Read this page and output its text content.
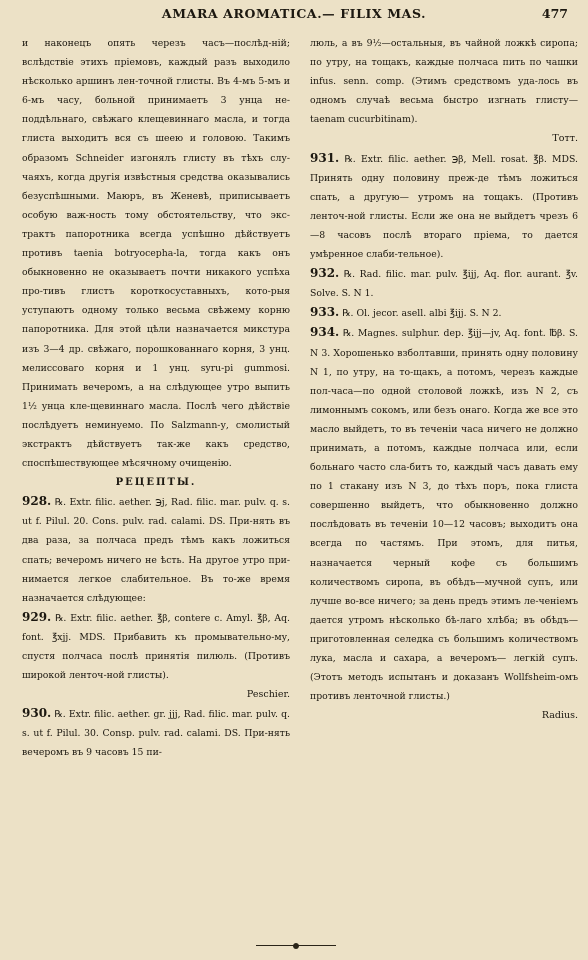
AMARA AROMATICA.— FILIX MAS.	477

и наконецъ опять черезъ часъ—послѣд-нiй; вслѣдствiе этихъ прiемовъ, каждый разъ выходило нѣсколько аршинъ лен-точной глисты. Въ 4-мъ 5-мъ и 6-мъ часу, больной принимаетъ 3 унца не-поддѣльнаго, свѣжаго клещевиннаго масла, и тогда глиста выходитъ вся съ шеею и головою. Такимъ образомъ Schneider изгонялъ глисту въ тѣхъ слу-чаяхъ, когда другiя извѣстныя средства оказывались безуспѣшными. Маюръ, въ Женевѣ, приписываетъ особую важ-ность тому обстоятельству, что экс-трактъ папоротника всегда успѣшно дѣйствуетъ противъ taenia botryocepha-la, тогда какъ онъ обыкновенно не оказываетъ почти никакого успѣха про-тивъ глистъ короткосуставныхъ, кото-рыя уступаютъ одному только весьма свѣжему корню папоротника. Для этой цѣли назначается микстура изъ 3—4 др. свѣжаго, порошкованнаго корня, 3 унц. мелиссоваго корня и 1 унц. syru-pi gummosi. Принимать вечеромъ, а на слѣдующее утро выпить 1½ унца кле-щевиннаго масла. Послѣ чего дѣйствiе послѣдуетъ неминуемо. По Salzmann-у, смолистый экстрактъ дѣйствуетъ так-же какъ средство, споспѣшествующее мѣсячному очищенiю.

РЕЦЕПТЫ.

928. ℞. Extr. filic. aether. ℈j, Rad. filic. mar. pulv. q. s. ut f. Pilul. 20. Cons. pulv. rad. calami. DS. При-нять въ два раза, за полчаса предъ тѣмъ какъ ложиться спать; вечеромъ ничего не ѣсть. На другое утро при-нимается легкое слабительное. Въ то-же время назначается слѣдующее:

929. ℞. Extr. filic. aether. ℥β, contere c. Amyl. ℥β, Aq. font. ℥xjj. MDS. Прибавить къ промывательно-му, спустя полчаса послѣ принятiя пилюль. (Противъ широкой ленточ-ной глисты).

Peschier.

930. ℞. Extr. filic. aether. gr. jjj, Rad. filic. mar. pulv. q. s. ut f. Pilul. 30. Consp. pulv. rad. calami. DS. При-нять вечеромъ въ 9 часовъ 15 пи-

люль, а въ 9½—остальныя, въ чайной ложкѣ сиропа; по утру, на тощакъ, каждые полчаса пить по чашки infus. senn. comp. (Этимъ средствомъ уда-лось въ одномъ случаѣ весьма быстро изгнать глисту—taenam cucurbitinam).

Тотт.

931. ℞. Extr. filic. aether. ℈β, Mell. rosat. ℥β. MDS. Принять одну половину преж-де тѣмъ ложиться спать, а другую— утромъ на тощакъ. (Противъ ленточ-ной глисты. Если же она не выйдетъ чрезъ 6—8 часовъ послѣ втораго прiема, то дается умѣренное слаби-тельное).

932. ℞. Rad. filic. mar. pulv. ℥ijj, Aq. flor. aurant. ℥v. Solve. S. N 1.

933. ℞. Ol. jecor. asell. albi ℥ijj. S. N 2.

934. ℞. Magnes. sulphur. dep. ℥ijj—jv, Aq. font. ℔β. S. N 3. Хорошенько взболтавши, принять одну половину N 1, по утру, на то-щакъ, а потомъ, черезъ каждые пол-часа—по одной столовой ложкѣ, изъ N 2, съ лимоннымъ сокомъ, или безъ онаго. Когда же все это масло выйдетъ, то въ теченiи часа ничего не должно принимать, а потомъ, каждые полчаса или, если больнаго часто сла-битъ то, каждый часъ давать ему по 1 стакану изъ N 3, до тѣхъ поръ, пока глиста совершенно выйдетъ, что обыкновенно должно послѣдовать въ теченiи 10—12 часовъ; выходитъ она всегда по частямъ. При этомъ, для питья, назначается черный кофе съ большимъ количествомъ сиропа, въ обѣдъ—мучной супъ, или лучше во-все ничего; за день предъ этимъ ле-ченiемъ дается утромъ нѣсколько бѣ-лаго хлѣба; въ обѣдъ—приготовленная селедка съ большимъ количествомъ лука, масла и сахара, а вечеромъ— легкiй супъ. (Этотъ методъ испытанъ и доказанъ Wollfsheim-омъ противъ ленточной глисты.)

Radius.
